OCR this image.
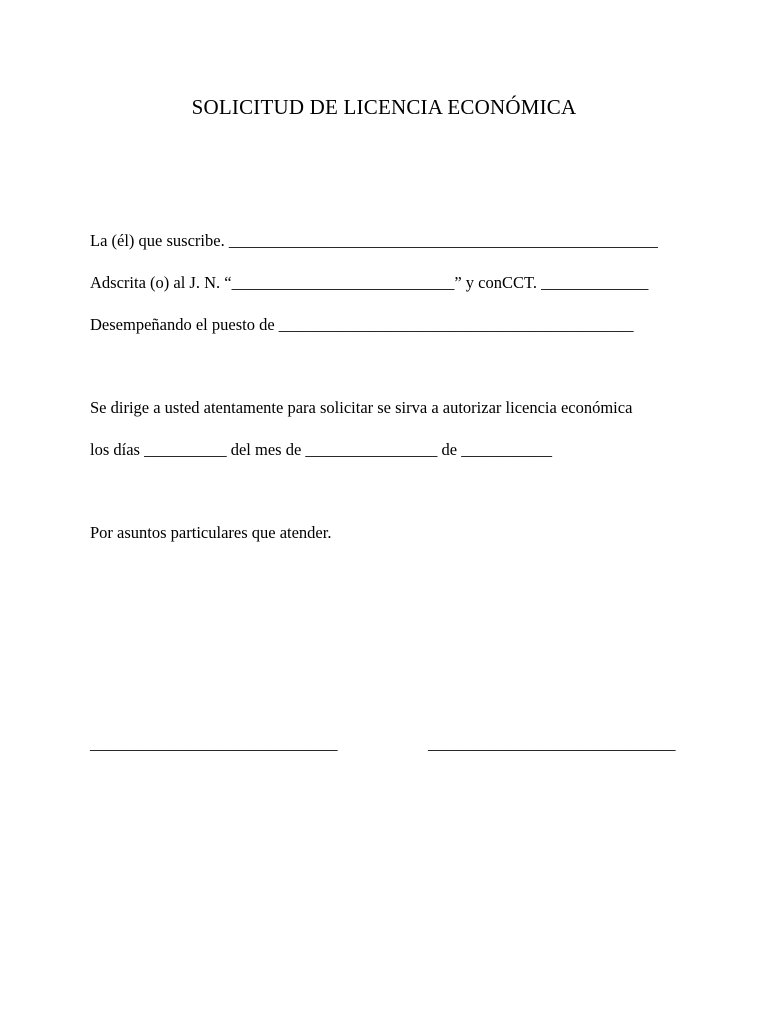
SOLICITUD DE LICENCIA ECONÓMICA
La (él) que suscribe. ____________________________________________________
Adscrita (o) al J. N. “___________________________” y conCCT. _____________
Desempeñando el puesto de ___________________________________________
Se dirige a usted atentamente para solicitar se sirva a autorizar licencia económica
los días __________ del mes de ________________ de ___________
Por asuntos particulares que atender.
______________________________	______________________________
